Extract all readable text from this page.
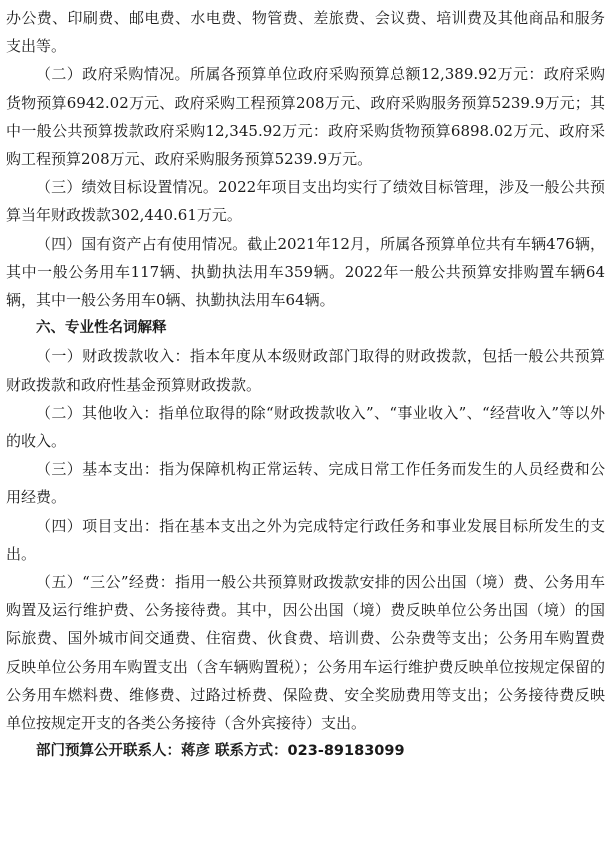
办公费、印刷费、邮电费、水电费、物管费、差旅费、会议费、培训费及其他商品和服务支出等。

（二）政府采购情况。所属各预算单位政府采购预算总额12,389.92万元：政府采购货物预算6942.02万元、政府采购工程预算208万元、政府采购服务预算5239.9万元；其中一般公共预算拨款政府采购12,345.92万元：政府采购货物预算6898.02万元、政府采购工程预算208万元、政府采购服务预算5239.9万元。

（三）绩效目标设置情况。2022年项目支出均实行了绩效目标管理，涉及一般公共预算当年财政拨款302,440.61万元。

（四）国有资产占有使用情况。截止2021年12月，所属各预算单位共有车辆476辆，其中一般公务用车117辆、执勤执法用车359辆。2022年一般公共预算安排购置车辆64辆，其中一般公务用车0辆、执勤执法用车64辆。

六、专业性名词解释

（一）财政拨款收入：指本年度从本级财政部门取得的财政拨款，包括一般公共预算财政拨款和政府性基金预算财政拨款。

（二）其他收入：指单位取得的除“财政拨款收入”、“事业收入”、“经营收入”等以外的收入。

（三）基本支出：指为保障机构正常运转、完成日常工作任务而发生的人员经费和公用经费。

（四）项目支出：指在基本支出之外为完成特定行政任务和事业发展目标所发生的支出。

（五）“三公”经费：指用一般公共预算财政拨款安排的因公出国（境）费、公务用车购置及运行维护费、公务接待费。其中，因公出国（境）费反映单位公务出国（境）的国际旅费、国外城市间交通费、住宿费、伙食费、培训费、公杂费等支出；公务用车购置费反映单位公务用车购置支出（含车辆购置税）；公务用车运行维护费反映单位按规定保留的公务用车燃料费、维修费、过路过桥费、保险费、安全奖励费用等支出；公务接待费反映单位按规定开支的各类公务接待（含外宾接待）支出。

部门预算公开联系人：蒋彦 联系方式：023-89183099
